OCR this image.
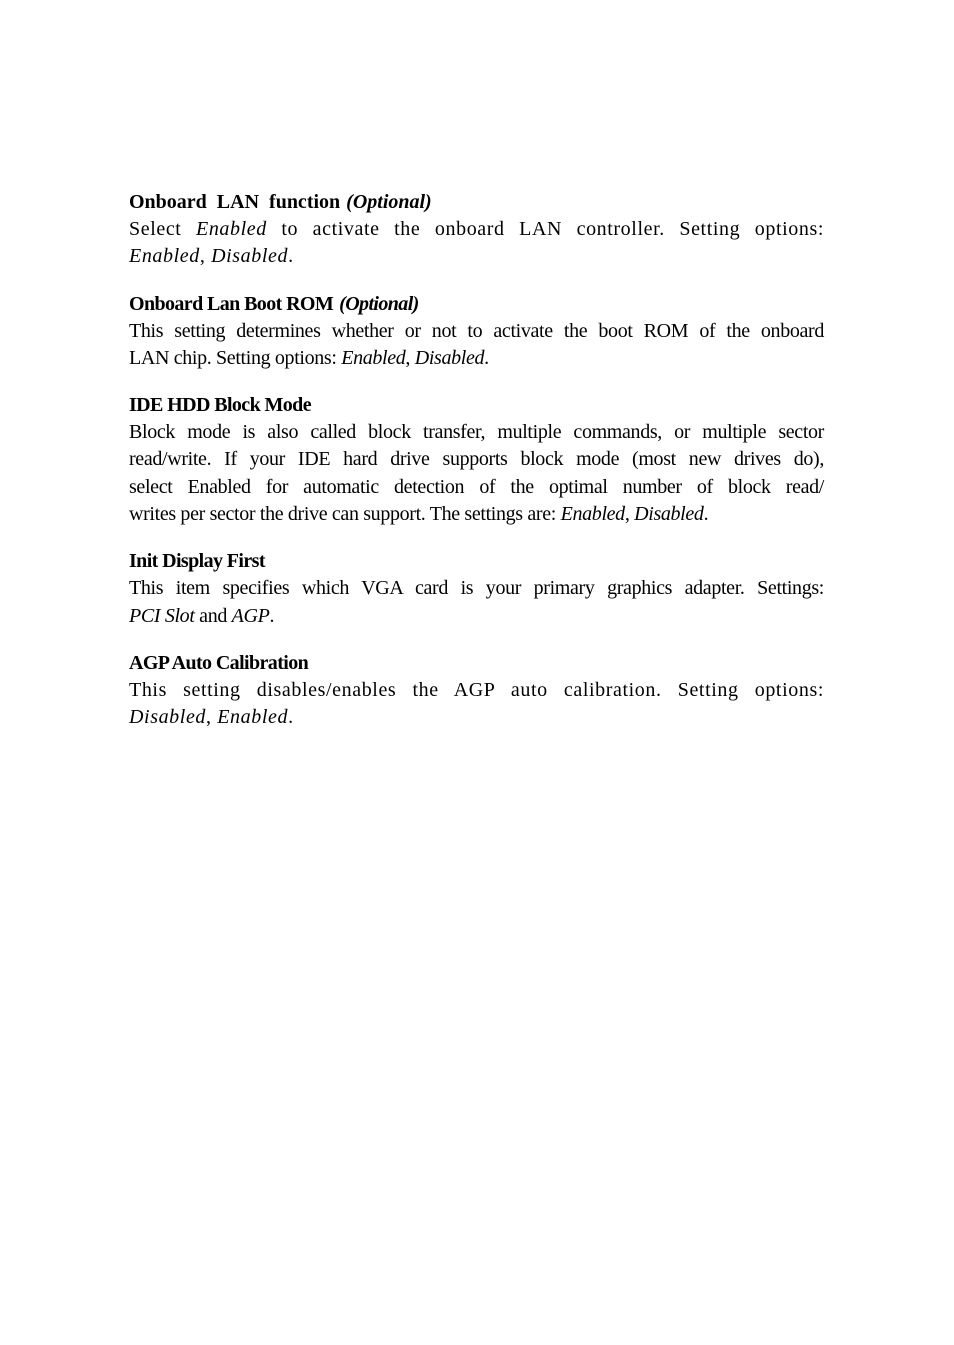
Onboard LAN function (Optional)
Select Enabled to activate the onboard LAN controller. Setting options:
Enabled, Disabled.
Onboard Lan Boot ROM (Optional)
This setting determines whether or not to activate the boot ROM of the onboard
LAN chip. Setting options: Enabled, Disabled.
IDE HDD Block Mode
Block mode is also called block transfer, multiple commands, or multiple sector
read/write. If your IDE hard drive supports block mode (most new drives do),
select Enabled for automatic detection of the optimal number of block read/
writes per sector the drive can support. The settings are: Enabled, Disabled.
Init Display First
This item specifies which VGA card is your primary graphics adapter. Settings:
PCI Slot and AGP.
AGP Auto Calibration
This setting disables/enables the AGP auto calibration. Setting options:
Disabled, Enabled.
